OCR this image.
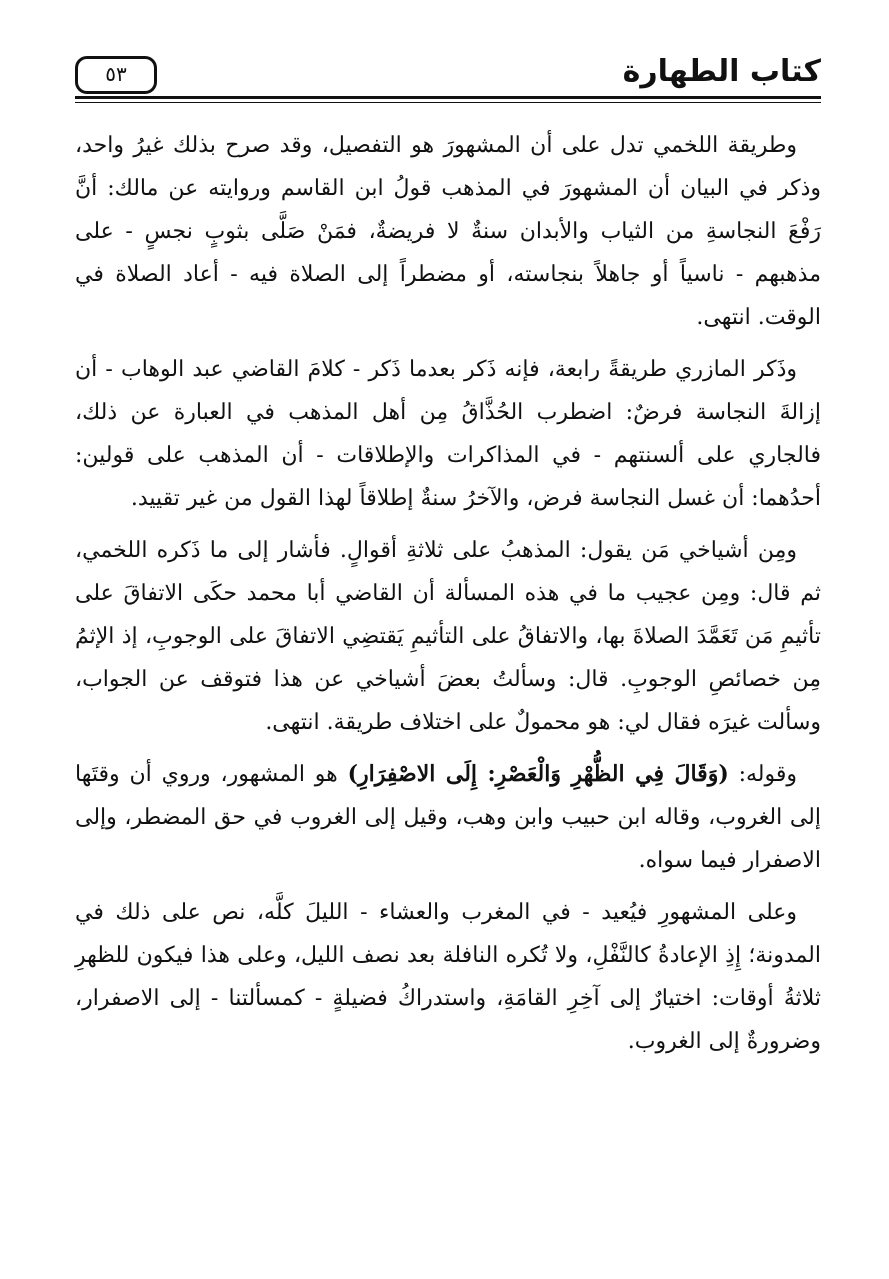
كتاب الطهارة
٥٣

وطريقة اللخمي تدل على أن المشهورَ هو التفصيل، وقد صرح بذلك غيرُ واحد، وذكر في البيان أن المشهورَ في المذهب قولُ ابن القاسم وروايته عن مالك: أنَّ رَفْعَ النجاسةِ من الثياب والأبدان سنةٌ لا فريضةٌ، فمَنْ صَلَّى بثوبٍ نجسٍ - على مذهبهم - ناسياً أو جاهلاً بنجاسته، أو مضطراً إلى الصلاة فيه - أعاد الصلاة في الوقت. انتهى.

وذَكر المازري طريقةً رابعة، فإنه ذَكر بعدما ذَكر - كلامَ القاضي عبد الوهاب - أن إزالةَ النجاسة فرضٌ: اضطرب الحُذَّاقُ مِن أهل المذهب في العبارة عن ذلك، فالجاري على ألسنتهم - في المذاكرات والإطلاقات - أن المذهب على قولين: أحدُهما: أن غسل النجاسة فرض، والآخرُ سنةٌ إطلاقاً لهذا القول من غير تقييد.

ومِن أشياخي مَن يقول: المذهبُ على ثلاثةِ أقوالٍ. فأشار إلى ما ذَكره اللخمي، ثم قال: ومِن عجيب ما في هذه المسألة أن القاضي أبا محمد حكَى الاتفاقَ على تأثيمِ مَن تَعَمَّدَ الصلاةَ بها، والاتفاقُ على التأثيمِ يَقتضِي الاتفاقَ على الوجوبِ، إذ الإثمُ مِن خصائصِ الوجوبِ. قال: وسألتُ بعضَ أشياخي عن هذا فتوقف عن الجواب، وسألت غيرَه فقال لي: هو محمولٌ على اختلاف طريقة. انتهى.

وقوله: (وَقَالَ فِي الظُّهْرِ وَالْعَصْرِ: إِلَى الاصْفِرَارِ) هو المشهور، وروي أن وقتَها إلى الغروب، وقاله ابن حبيب وابن وهب، وقيل إلى الغروب في حق المضطر، وإلى الاصفرار فيما سواه.

وعلى المشهورِ فيُعيد - في المغرب والعشاء - الليلَ كلَّه، نص على ذلك في المدونة؛ إِذِ الإعادةُ كالنَّفْلِ، ولا تُكره النافلة بعد نصف الليل، وعلى هذا فيكون للظهرِ ثلاثةُ أوقات: اختيارٌ إلى آخِرِ القامَةِ، واستدراكُ فضيلةٍ - كمسألتنا - إلى الاصفرار، وضرورةٌ إلى الغروب.
